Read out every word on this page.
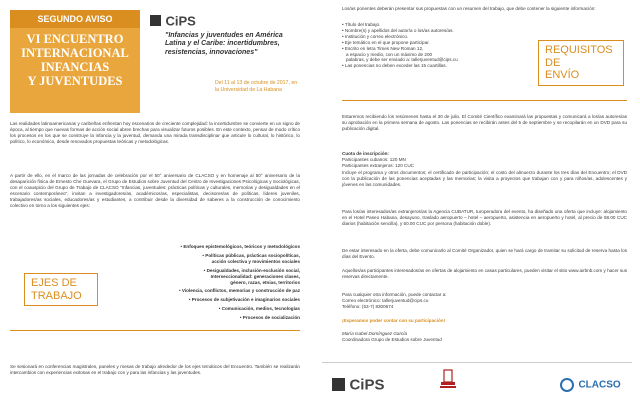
SEGUNDO AVISO
VI ENCUENTRO
INTERNACIONAL
INFANCIAS
Y JUVENTUDES
CiPS
"Infancias y juventudes en América Latina y el Caribe: incertidumbres, resistencias, innovaciones"
Del 11 al 13 de octubre de 2017, en la Universidad de La Habana
Las realidades latinoamericanas y caribeñas enfrentan hoy escenarios de creciente complejidad: la incertidumbre se convierte en un signo de época, al tiempo que nuevas formas de acción social abren brechas para visualizar futuros posibles. En este contexto, pensar de modo crítico los procesos en los que se construye la infancia y la juventud, demanda una mirada transdisciplinar que articule lo cultural, lo histórico, lo político, lo económico, desde renovados propuestas teóricas y metodológicas.
A partir de ello, en el marco de las jornadas de celebración por el 50° aniversario de CLACSO y en homenaje al 50° aniversario de la desaparición física de Ernesto Che Guevara, el Grupo de Estudios sobre Juventud del Centro de Investigaciones Psicológicas y Sociológicas, con el coauspicio del Grupo de Trabajo de CLACSO "Infancias, juventudes: prácticas políticas y culturales, memorias y desigualdades en el escenario contemporáneo", invitan a investigadores/as, académicos/as, especialistas, decisores/as de políticas, líderes juveniles, trabajadores/as sociales, educadores/as y estudiantes, a contribuir desde la diversidad de saberes a la construcción de conocimiento colectivo en torno a los siguientes ejes:
EJES DE
TRABAJO
• Enfoques epistemológicos, teóricos y metodológicos
• Políticas públicas, prácticas sociopolíticas,
acción colectiva y movimientos sociales
• Desigualdades, inclusión-exclusión social,
Interseccionalidad: generaciones clases,
género, razas, etnias, territorios
• Violencia, conflictos, memorias y construcción de paz
• Procesos de subjetivación e imaginarios sociales
• Comunicación, medios, tecnologías
• Procesos de socialización
Se sesionará en conferencias magistrales, paneles y mesas de trabajo alrededor de los ejes temáticos del Encuentro. También se realizarán intercambios con experiencias exitosas en el trabajo con y para las infancias y las juventudes.
Los/as ponentes deberán presentar sus propuestas con un resumen del trabajo, que debe contener la siguiente información:
• Título del trabajo.
• Nombre(s) y apellidos del autor/a o los/as autores/as.
• Institución y correo electrónico.
• Eje temático en el que propone participar.
• Escrito en letra Times New Roman 12,
a espacio y medio, con un máximo de 200
palabras, y debe ser enviado a: tallerjuventud@cips.cu
• Las ponencias no deben exceder las 15 cuartillas.
REQUISITOS
DE
ENVÍO
Estaremos recibiendo los resúmenes hasta el 30 de julio. El Comité Científico examinará las propuestas y comunicará a los/as autores/as su aprobación en la primera semana de agosto. Las ponencias se recibirán antes del 5 de septiembre y se recopilarán en un DVD para su publicación digital.
Cuota de inscripción:
Participantes cubanos: 120 MN
Participantes extranjeros: 120 CUC
Incluye el programa y otros documentos; el certificado de participación; el costo del almuerzo durante los tres días del Encuentro; el DVD con la publicación de las ponencias aceptadas y las memorias; la visita a proyectos que trabajan con y para niños/as, adolescentes y jóvenes en las comunidades.
Para los/as interesados/as extranjeros/as la Agencia CUBATUR, turoperadora del evento, ha diseñado una oferta que incluye: alojamiento en el Hotel Paseo Habana, desayuno, traslado aeropuerto – hotel – aeropuerto, asistencia en aeropuerto y hotel, al precio de 58.00 CUC diarios (habitación sencilla), y 50.00 CUC por persona (habitación doble).
De estar interesado en la oferta, debe comunicarlo al Comité Organizador, quien se hará cargo de tramitar su solicitud de reserva hasta los días del Evento.
Aquellos/as participantes interesados/as en ofertas de alojamiento en casas particulares, pueden visitar el sitio www.airbnb.com y hacer sus reservas directamente.
Para cualquier otra información, puede contactar a:
Correo electrónico: tallerjuventud@cips.cu
Teléfono: (53-7) 8300674
¡Esperamos poder contar con su participación!
María Isabel Domínguez García
Coordinadora Grupo de Estudios sobre Juventud
CiPS	CLACSO
